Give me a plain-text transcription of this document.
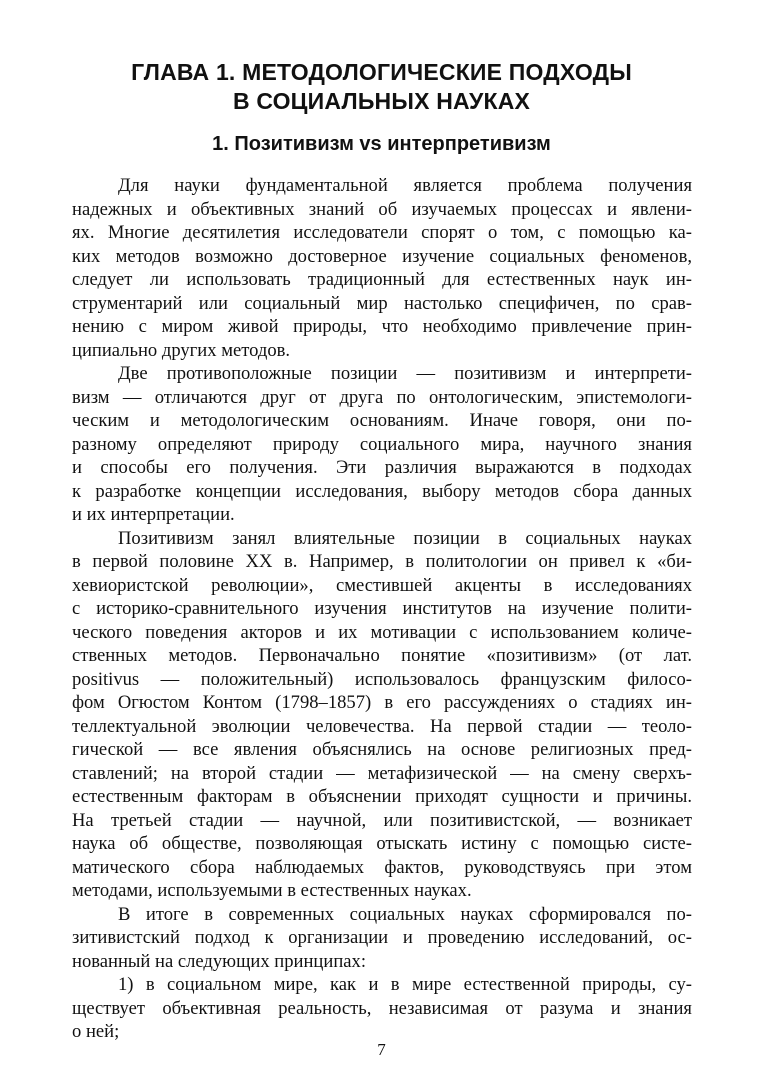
ГЛАВА 1. МЕТОДОЛОГИЧЕСКИЕ ПОДХОДЫ
В СОЦИАЛЬНЫХ НАУКАХ
1. Позитивизм vs интерпретивизм
Для науки фундаментальной является проблема получения
надежных и объективных знаний об изучаемых процессах и явлени-
ях. Многие десятилетия исследователи спорят о том, с помощью ка-
ких методов возможно достоверное изучение социальных феноменов,
следует ли использовать традиционный для естественных наук ин-
струментарий или социальный мир настолько специфичен, по срав-
нению с миром живой природы, что необходимо привлечение прин-
ципиально других методов.
Две противоположные позиции — позитивизм и интерпрети-
визм — отличаются друг от друга по онтологическим, эпистемологи-
ческим и методологическим основаниям. Иначе говоря, они по-
разному определяют природу социального мира, научного знания
и способы его получения. Эти различия выражаются в подходах
к разработке концепции исследования, выбору методов сбора данных
и их интерпретации.
Позитивизм занял влиятельные позиции в социальных науках
в первой половине XX в. Например, в политологии он привел к «би-
хевиористской революции», сместившей акценты в исследованиях
с историко-сравнительного изучения институтов на изучение полити-
ческого поведения акторов и их мотивации с использованием количе-
ственных методов. Первоначально понятие «позитивизм» (от лат.
positivus — положительный) использовалось французским филосо-
фом Огюстом Контом (1798–1857) в его рассуждениях о стадиях ин-
теллектуальной эволюции человечества. На первой стадии — теоло-
гической — все явления объяснялись на основе религиозных пред-
ставлений; на второй стадии — метафизической — на смену сверхъ-
естественным факторам в объяснении приходят сущности и причины.
На третьей стадии — научной, или позитивистской, — возникает
наука об обществе, позволяющая отыскать истину с помощью систе-
матического сбора наблюдаемых фактов, руководствуясь при этом
методами, используемыми в естественных науках.
В итоге в современных социальных науках сформировался по-
зитивистский подход к организации и проведению исследований, ос-
нованный на следующих принципах:
1) в социальном мире, как и в мире естественной природы, су-
ществует объективная реальность, независимая от разума и знания
о ней;
7
